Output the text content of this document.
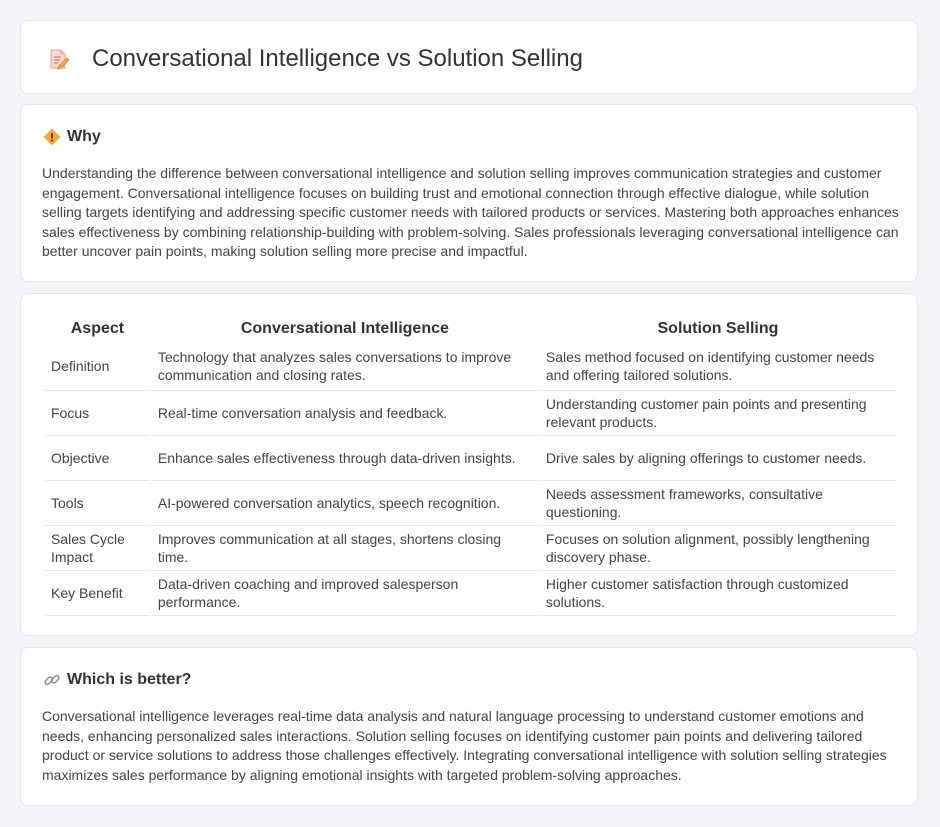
Conversational Intelligence vs Solution Selling
Why

Understanding the difference between conversational intelligence and solution selling improves communication strategies and customer engagement. Conversational intelligence focuses on building trust and emotional connection through effective dialogue, while solution selling targets identifying and addressing specific customer needs with tailored products or services. Mastering both approaches enhances sales effectiveness by combining relationship-building with problem-solving. Sales professionals leveraging conversational intelligence can better uncover pain points, making solution selling more precise and impactful.

Aspect	Conversational Intelligence	Solution Selling
Definition	Technology that analyzes sales conversations to improve communication and closing rates.	Sales method focused on identifying customer needs and offering tailored solutions.
Focus	Real-time conversation analysis and feedback.	Understanding customer pain points and presenting relevant products.
Objective	Enhance sales effectiveness through data-driven insights.	Drive sales by aligning offerings to customer needs.
Tools	AI-powered conversation analytics, speech recognition.	Needs assessment frameworks, consultative questioning.
Sales Cycle Impact	Improves communication at all stages, shortens closing time.	Focuses on solution alignment, possibly lengthening discovery phase.
Key Benefit	Data-driven coaching and improved salesperson performance.	Higher customer satisfaction through customized solutions.
Which is better?

Conversational intelligence leverages real-time data analysis and natural language processing to understand customer emotions and needs, enhancing personalized sales interactions. Solution selling focuses on identifying customer pain points and delivering tailored product or service solutions to address those challenges effectively. Integrating conversational intelligence with solution selling strategies maximizes sales performance by aligning emotional insights with targeted problem-solving approaches.
